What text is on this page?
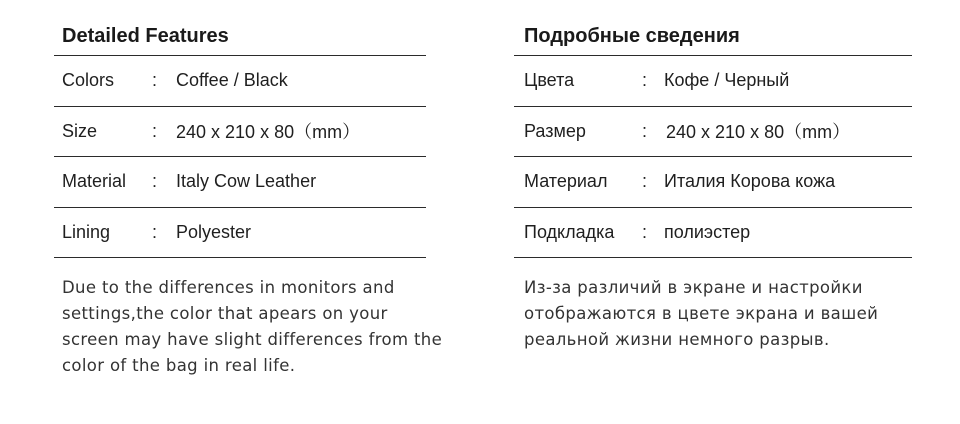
Detailed Features
Colors : Coffee / Black
Size	: 240 x 210 x 80（mm）
Material : Italy Cow Leather
Lining : Polyester
Due to the differences in monitors and
settings,the color that apears on your
screen may have slight differences from the
color of the bag in real life.
Подробные сведения
Цвета	: Кофе / Черный
Размер	: 240 x 210 x 80（mm）
Материал : Италия Корова кожа
Подкладка : полиэстер
Из-за различий в экране и настройки
отображаются в цвете экрана и вашей
реальной жизни немного разрыв.
